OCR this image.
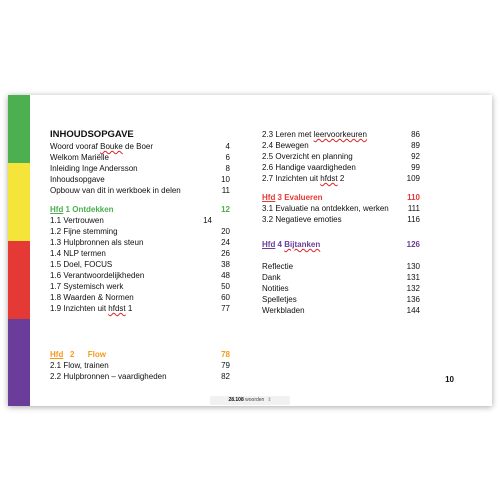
INHOUDSOPGAVE
Woord vooraf Bouke de Boer	4
Welkom Mariëlle	6
Inleiding Inge Andersson	8
Inhoudsopgave	10
Opbouw van dit in werkboek in delen	11
Hfd 1 Ontdekken	12
1.1 Vertrouwen	14
1.2 Fijne stemming	20
1.3 Hulpbronnen als steun	24
1.4 NLP termen	26
1.5 Doel, FOCUS	38
1.6 Verantwoordelijkheden	48
1.7 Systemisch werk	50
1.8 Waarden & Normen	60
1.9 Inzichten uit hfdst 1	77
Hfd   2      Flow	78
2.1 Flow, trainen	79
2.2 Hulpbronnen – vaardigheden	82
2.3 Leren met leervoorkeuren	86
2.4 Bewegen	89
2.5 Overzicht en planning	92
2.6 Handige vaardigheden	99
2.7 Inzichten uit hfdst 2	109
Hfd 3 Evalueren	110
3.1 Evaluatie na ontdekken, werken 111
3.2 Negatieve emoties	116
Hfd 4 Bijtanken	126
Reflectie	130
Dank	131
Notities	132
Spelletjes	136
Werkbladen	144
10
28.108 woorden ⇕
